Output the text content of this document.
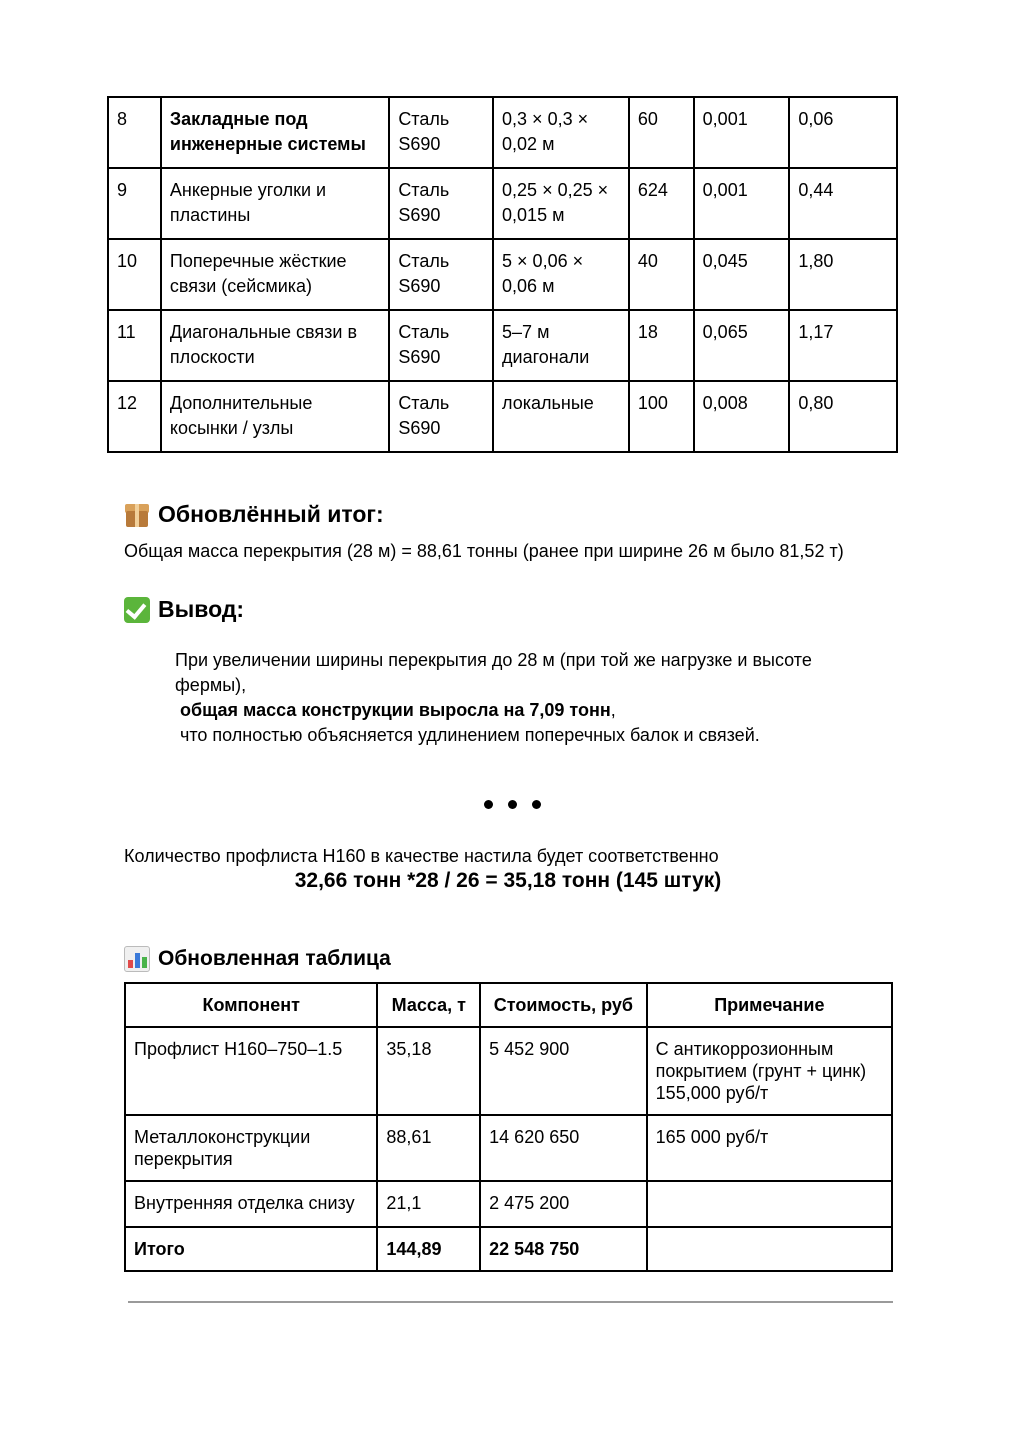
8	Закладные под инженерные системы	Сталь S690	0,3 × 0,3 × 0,02 м	60	0,001	0,06
9	Анкерные уголки и пластины	Сталь S690	0,25 × 0,25 × 0,015 м	624	0,001	0,44
10	Поперечные жёсткие связи (сейсмика)	Сталь S690	5 × 0,06 × 0,06 м	40	0,045	1,80
11	Диагональные связи в плоскости	Сталь S690	5–7 м диагонали	18	0,065	1,17
12	Дополнительные косынки / узлы	Сталь S690	локальные	100	0,008	0,80
Обновлённый итог:
Общая масса перекрытия (28 м) = 88,61 тонны (ранее при ширине 26 м было 81,52 т)
Вывод:
При увеличении ширины перекрытия до 28 м (при той же нагрузке и высоте
фермы),
общая масса конструкции выросла на 7,09 тонн,
что полностью объясняется удлинением поперечных балок и связей.
Количество профлиста Н160 в качестве настила будет соответственно
32,66 тонн *28 / 26 = 35,18 тонн (145 штук)
Обновленная таблица
Компонент	Масса, т	Стоимость, руб	Примечание
Профлист Н160–750–1.5	35,18	5 452 900	С антикоррозионным покрытием (грунт + цинк) 155,000 руб/т
Металлоконструкции перекрытия	88,61	14 620 650	165 000 руб/т
Внутренняя отделка снизу	21,1	2 475 200	
Итого	144,89	22 548 750	
